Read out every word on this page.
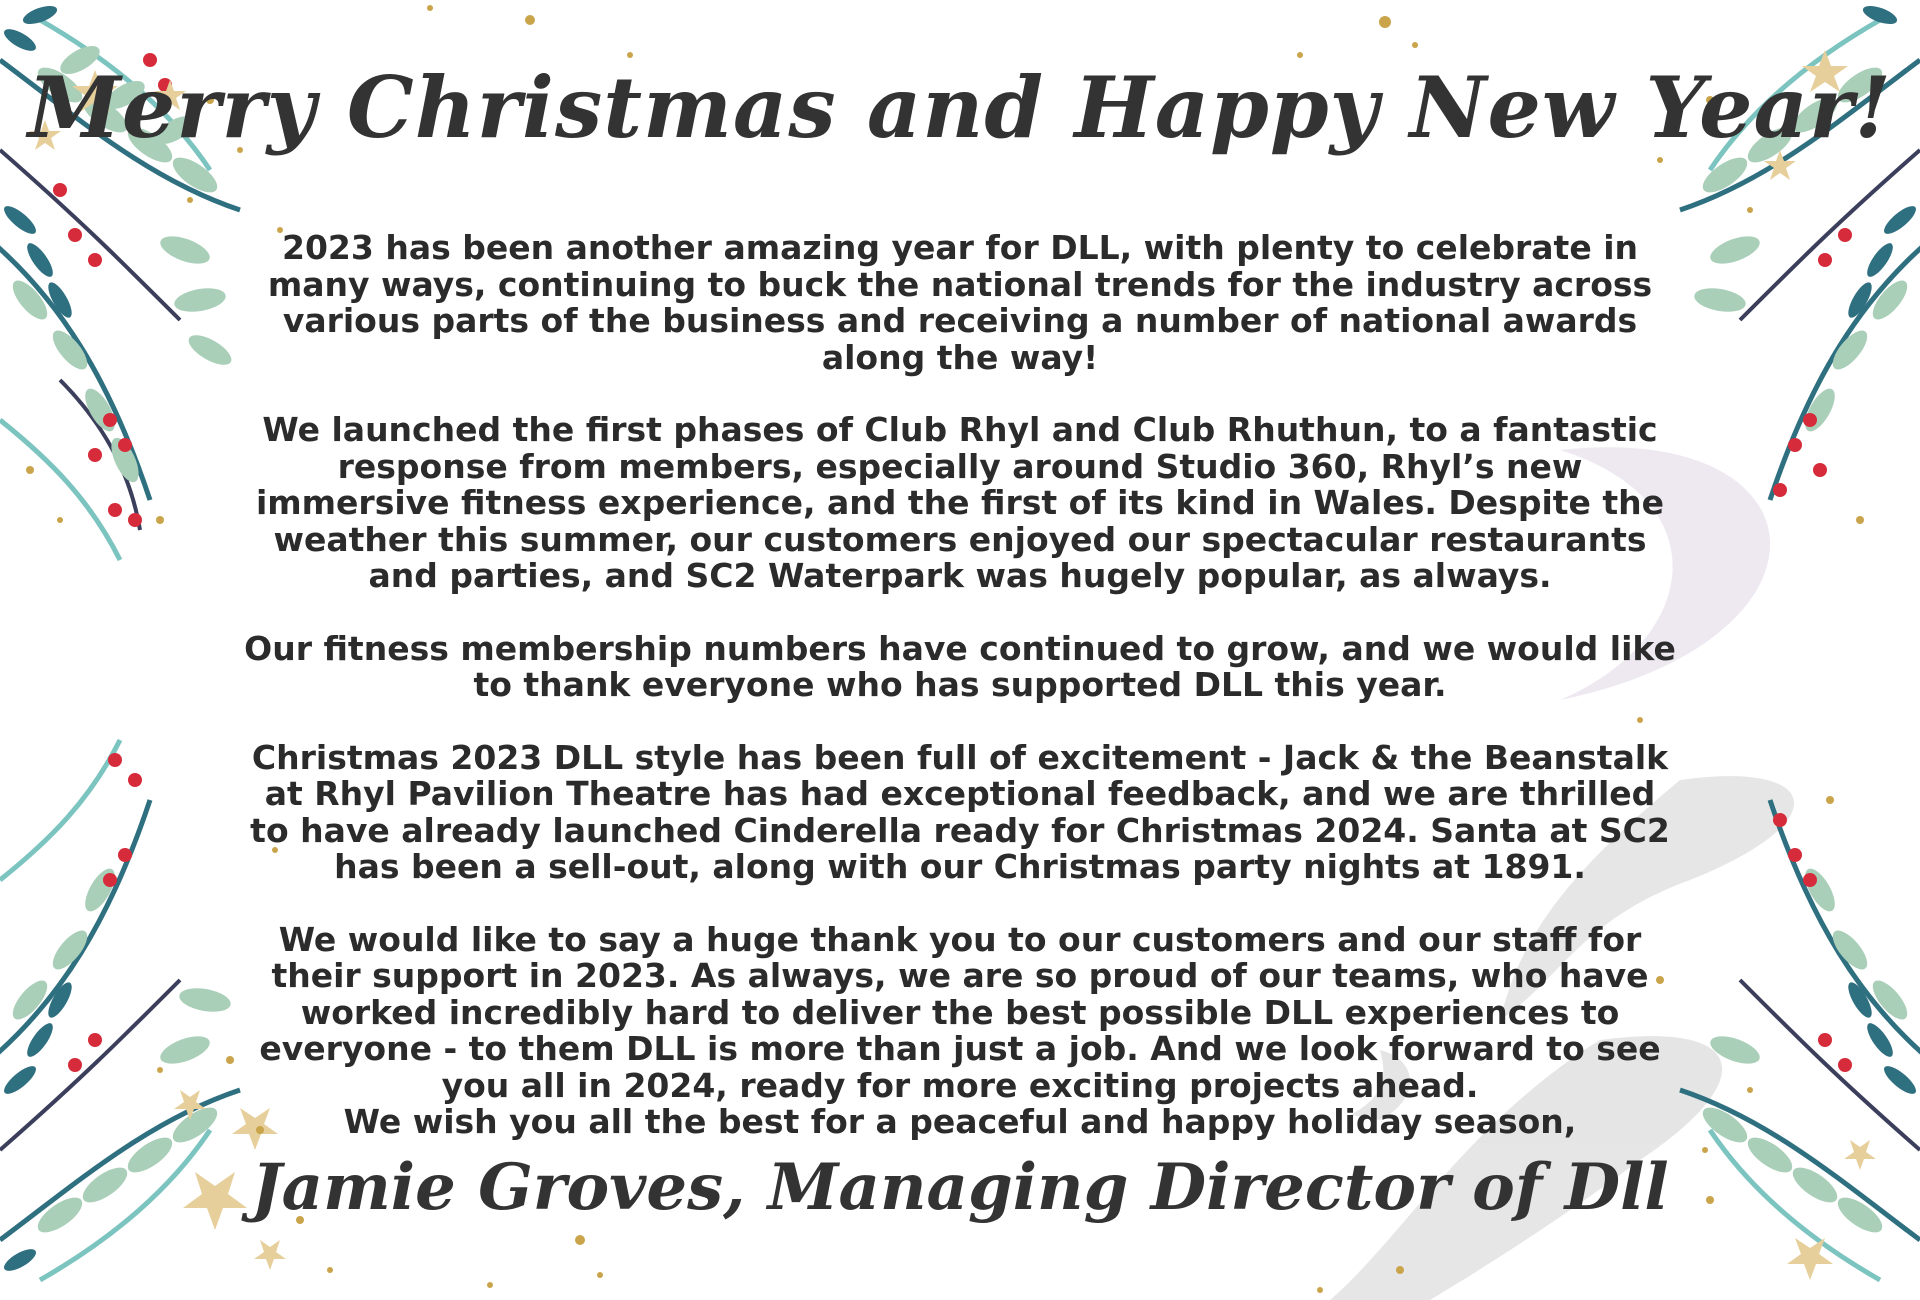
Merry Christmas and Happy New Year!

2023 has been another amazing year for DLL, with plenty to celebrate in many ways, continuing to buck the national trends for the industry across various parts of the business and receiving a number of national awards along the way!

We launched the first phases of Club Rhyl and Club Rhuthun, to a fantastic response from members, especially around Studio 360, Rhyl’s new immersive fitness experience, and the first of its kind in Wales. Despite the weather this summer, our customers enjoyed our spectacular restaurants and parties, and SC2 Waterpark was hugely popular, as always.

Our fitness membership numbers have continued to grow, and we would like to thank everyone who has supported DLL this year.

Christmas 2023 DLL style has been full of excitement - Jack & the Beanstalk at Rhyl Pavilion Theatre has had exceptional feedback, and we are thrilled to have already launched Cinderella ready for Christmas 2024. Santa at SC2 has been a sell-out, along with our Christmas party nights at 1891.

We would like to say a huge thank you to our customers and our staff for their support in 2023. As always, we are so proud of our teams, who have worked incredibly hard to deliver the best possible DLL experiences to everyone - to them DLL is more than just a job. And we look forward to see you all in 2024, ready for more exciting projects ahead.

We wish you all the best for a peaceful and happy holiday season,

Jamie Groves, Managing Director of Dll
